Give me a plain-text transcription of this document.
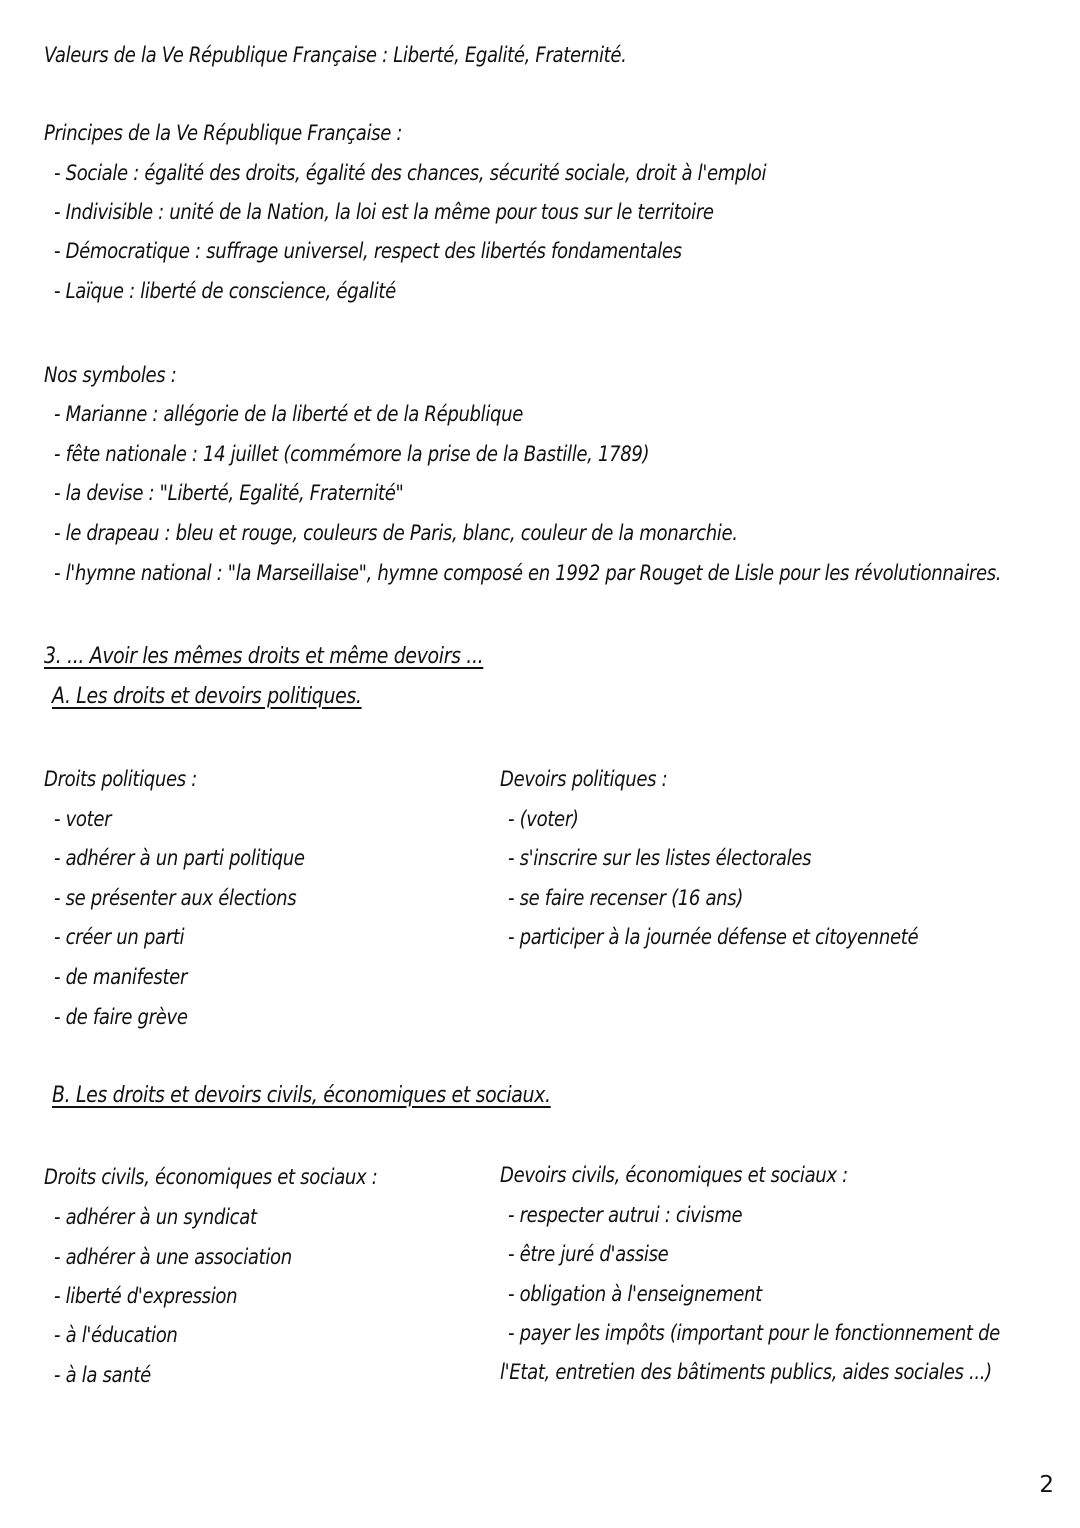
Valeurs de la Ve République Française : Liberté, Egalité, Fraternité.
Principes de la Ve République Française :
- Sociale : égalité des droits, égalité des chances, sécurité sociale, droit à l'emploi
- Indivisible : unité de la Nation, la loi est la même pour tous sur le territoire
- Démocratique : suffrage universel, respect des libertés fondamentales
- Laïque : liberté de conscience, égalité
Nos symboles :
- Marianne : allégorie de la liberté et de la République
- fête nationale : 14 juillet (commémore la prise de la Bastille, 1789)
- la devise : "Liberté, Egalité, Fraternité"
- le drapeau : bleu et rouge, couleurs de Paris, blanc, couleur de la monarchie.
- l'hymne national : "la Marseillaise", hymne composé en 1992 par Rouget de Lisle pour les révolutionnaires.
3. ... Avoir les mêmes droits et même devoirs ...
A. Les droits et devoirs politiques.
Droits politiques :
- voter
- adhérer à un parti politique
- se présenter aux élections
- créer un parti
- de manifester
- de faire grève
Devoirs politiques :
- (voter)
- s'inscrire sur les listes électorales
- se faire recenser (16 ans)
- participer à la journée défense et citoyenneté
B. Les droits et devoirs civils, économiques et sociaux.
Droits civils, économiques et sociaux :
- adhérer à un syndicat
- adhérer à une association
- liberté d'expression
- à l'éducation
- à la santé
Devoirs civils, économiques et sociaux :
- respecter autrui : civisme
- être juré d'assise
- obligation à l'enseignement
- payer les impôts (important pour le fonctionnement de
l'Etat, entretien des bâtiments publics, aides sociales ...)
2
